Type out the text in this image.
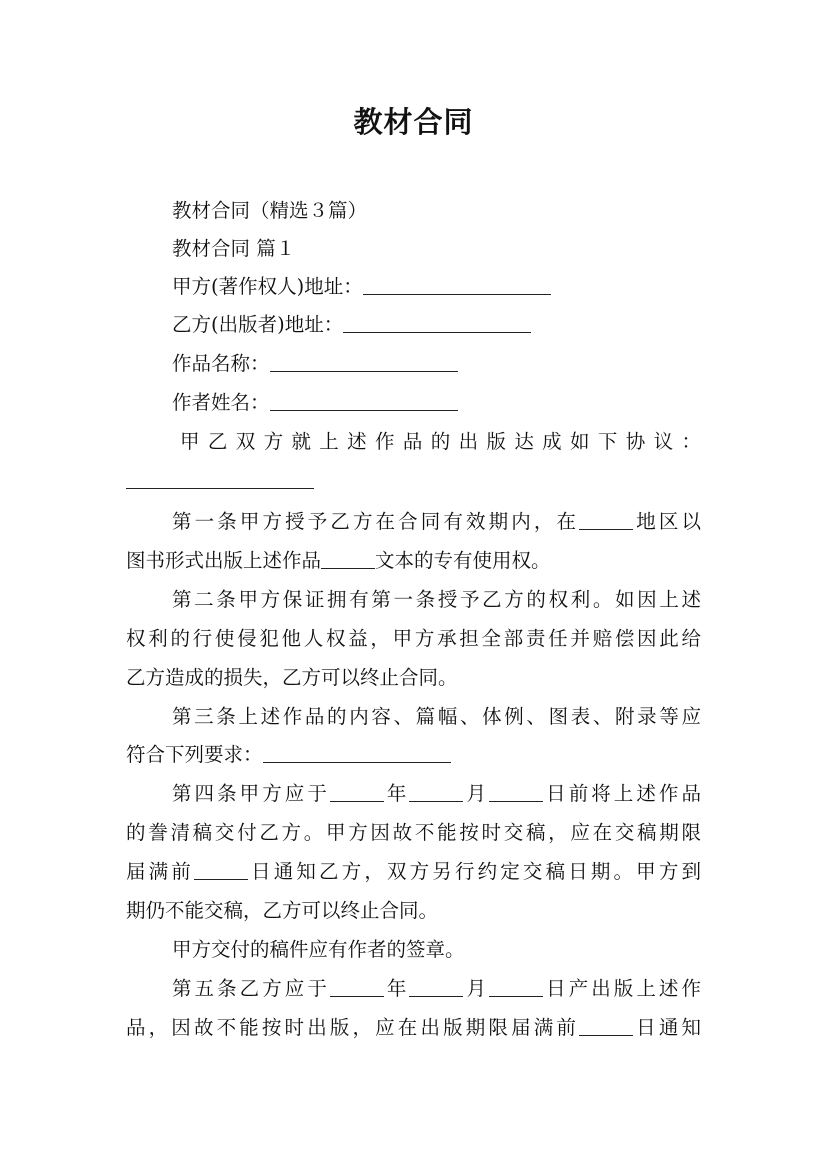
教材合同
教材合同（精选３篇）
教材合同 篇１
甲方(著作权人)地址：
乙方(出版者)地址：
作品名称：
作者姓名：
甲乙双方就上述作品的出版达成如下协议：
第一条甲方授予乙方在合同有效期内，在	地区以
图书形式出版上述作品	文本的专有使用权。
第二条甲方保证拥有第一条授予乙方的权利。如因上述
权利的行使侵犯他人权益，甲方承担全部责任并赔偿因此给
乙方造成的损失，乙方可以终止合同。
第三条上述作品的内容、篇幅、体例、图表、附录等应
符合下列要求：
第四条甲方应于	年	月	日前将上述作品
的誊清稿交付乙方。甲方因故不能按时交稿，应在交稿期限
届满前	日通知乙方，双方另行约定交稿日期。甲方到
期仍不能交稿，乙方可以终止合同。
甲方交付的稿件应有作者的签章。
第五条乙方应于	年	月	日产出版上述作
品，因故不能按时出版，应在出版期限届满前	日通知
